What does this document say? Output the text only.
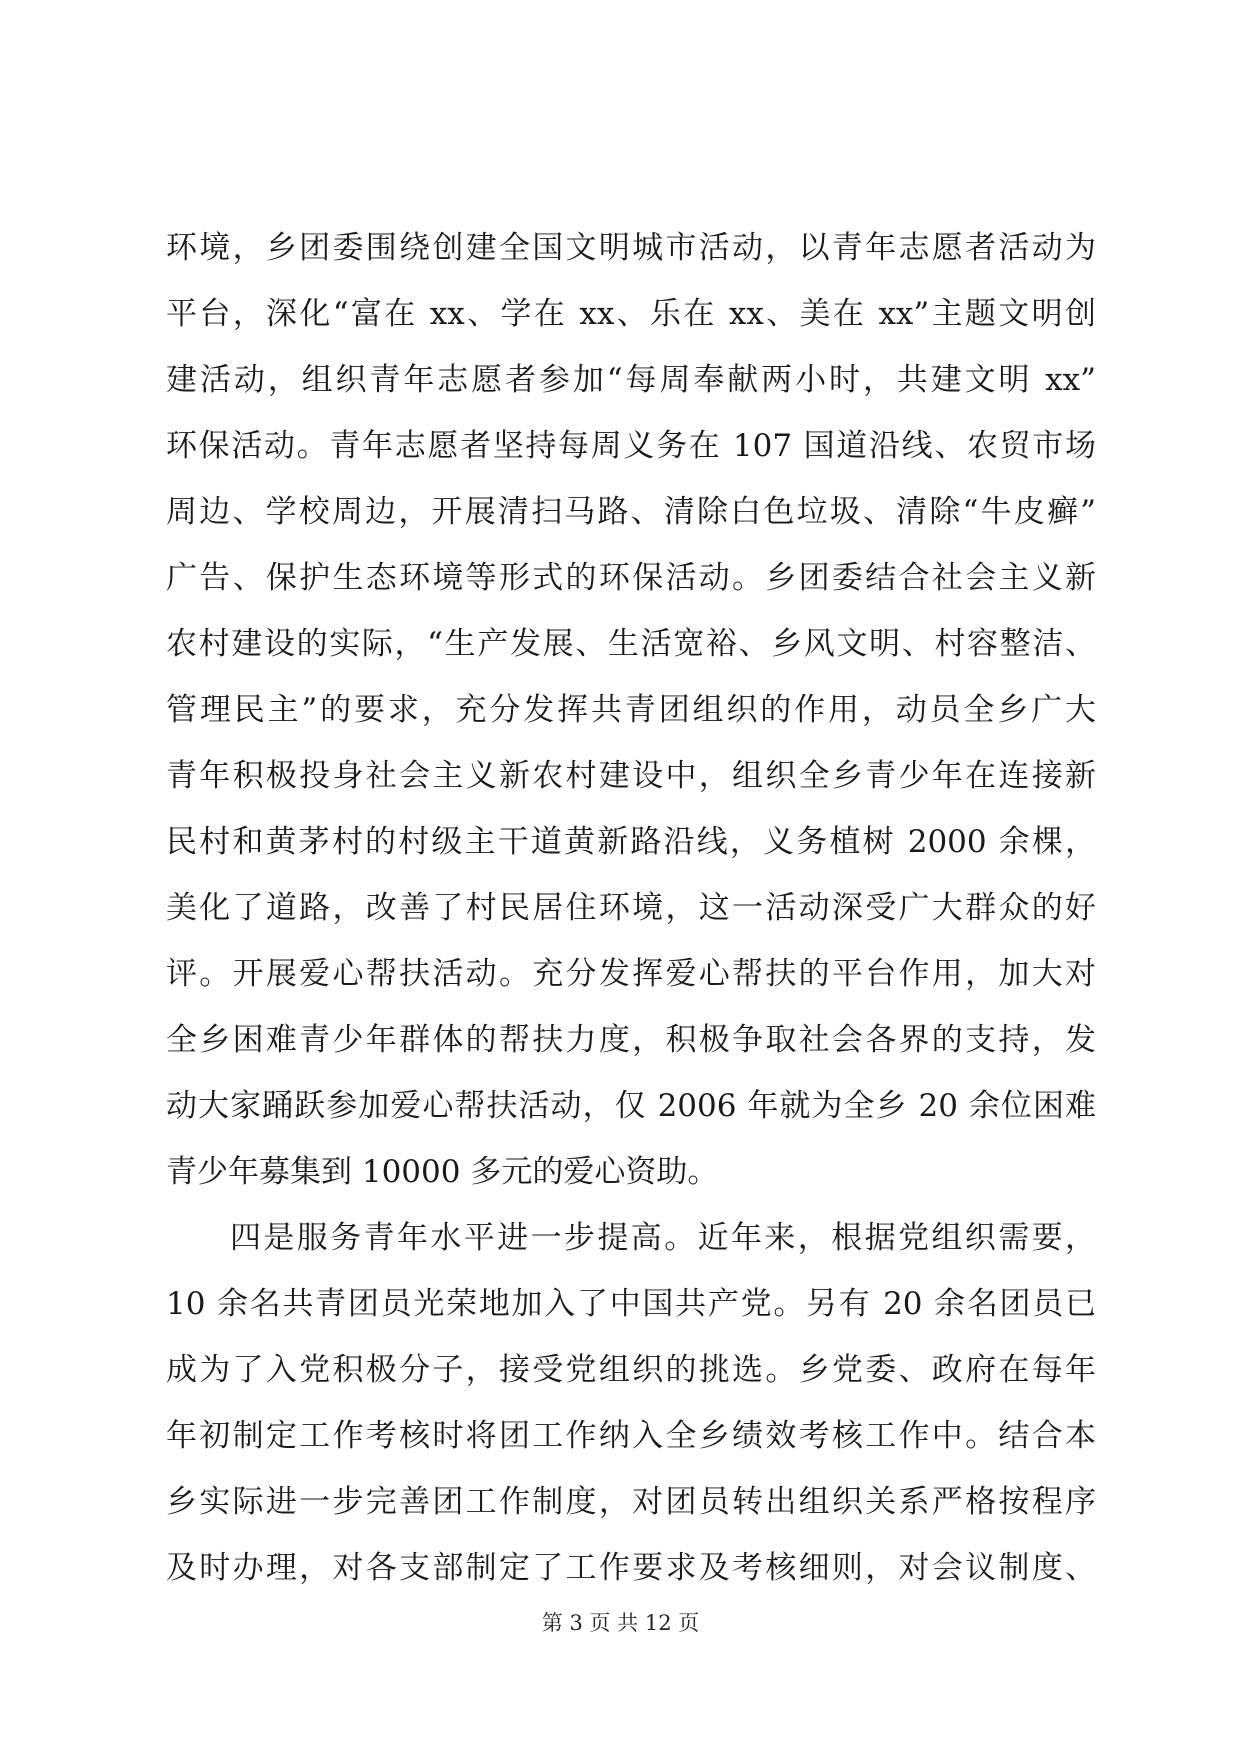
环境，乡团委围绕创建全国文明城市活动，以青年志愿者活动为

平台，深化“富在 xx、学在 xx、乐在 xx、美在 xx”主题文明创

建活动，组织青年志愿者参加“每周奉献两小时，共建文明 xx”

环保活动。青年志愿者坚持每周义务在 107 国道沿线、农贸市场

周边、学校周边，开展清扫马路、清除白色垃圾、清除“牛皮癣”

广告、保护生态环境等形式的环保活动。乡团委结合社会主义新

农村建设的实际，“生产发展、生活宽裕、乡风文明、村容整洁、

管理民主”的要求，充分发挥共青团组织的作用，动员全乡广大

青年积极投身社会主义新农村建设中，组织全乡青少年在连接新

民村和黄茅村的村级主干道黄新路沿线，义务植树 2000 余棵，

美化了道路，改善了村民居住环境，这一活动深受广大群众的好

评。开展爱心帮扶活动。充分发挥爱心帮扶的平台作用，加大对

全乡困难青少年群体的帮扶力度，积极争取社会各界的支持，发

动大家踊跃参加爱心帮扶活动，仅 2006 年就为全乡 20 余位困难

青少年募集到 10000 多元的爱心资助。

四是服务青年水平进一步提高。近年来，根据党组织需要，

10 余名共青团员光荣地加入了中国共产党。另有 20 余名团员已

成为了入党积极分子，接受党组织的挑选。乡党委、政府在每年

年初制定工作考核时将团工作纳入全乡绩效考核工作中。结合本

乡实际进一步完善团工作制度，对团员转出组织关系严格按程序

及时办理，对各支部制定了工作要求及考核细则，对会议制度、

第 3 页 共 12 页
